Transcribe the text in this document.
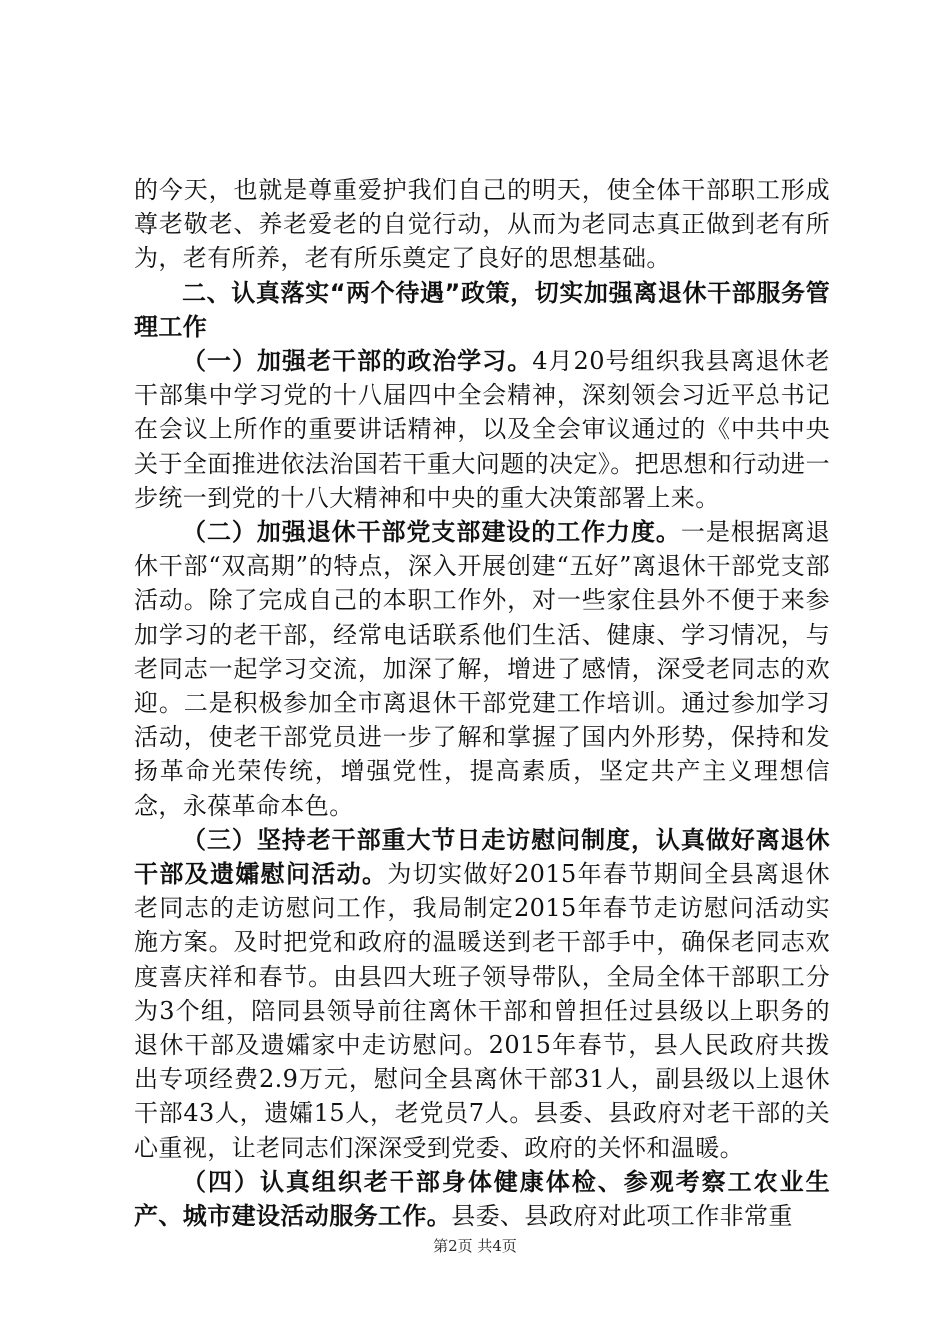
的今天，也就是尊重爱护我们自己的明天，使全体干部职工形成尊老敬老、养老爱老的自觉行动，从而为老同志真正做到老有所为，老有所养，老有所乐奠定了良好的思想基础。

二、认真落实“两个待遇”政策，切实加强离退休干部服务管理工作

（一）加强老干部的政治学习。4月20号组织我县离退休老干部集中学习党的十八届四中全会精神，深刻领会习近平总书记在会议上所作的重要讲话精神，以及全会审议通过的《中共中央关于全面推进依法治国若干重大问题的决定》。把思想和行动进一步统一到党的十八大精神和中央的重大决策部署上来。

（二）加强退休干部党支部建设的工作力度。一是根据离退休干部“双高期”的特点，深入开展创建“五好”离退休干部党支部活动。除了完成自己的本职工作外，对一些家住县外不便于来参加学习的老干部，经常电话联系他们生活、健康、学习情况，与老同志一起学习交流，加深了解，增进了感情，深受老同志的欢迎。二是积极参加全市离退休干部党建工作培训。通过参加学习活动，使老干部党员进一步了解和掌握了国内外形势，保持和发扬革命光荣传统，增强党性，提高素质，坚定共产主义理想信念，永葆革命本色。

（三）坚持老干部重大节日走访慰问制度，认真做好离退休干部及遗孀慰问活动。为切实做好2015年春节期间全县离退休老同志的走访慰问工作，我局制定2015年春节走访慰问活动实施方案。及时把党和政府的温暖送到老干部手中，确保老同志欢度喜庆祥和春节。由县四大班子领导带队，全局全体干部职工分为3个组，陪同县领导前往离休干部和曾担任过县级以上职务的退休干部及遗孀家中走访慰问。2015年春节，县人民政府共拨出专项经费2.9万元，慰问全县离休干部31人，副县级以上退休干部43人，遗孀15人，老党员7人。县委、县政府对老干部的关心重视，让老同志们深深受到党委、政府的关怀和温暖。

（四）认真组织老干部身体健康体检、参观考察工农业生产、城市建设活动服务工作。县委、县政府对此项工作非常重

第2页 共4页
